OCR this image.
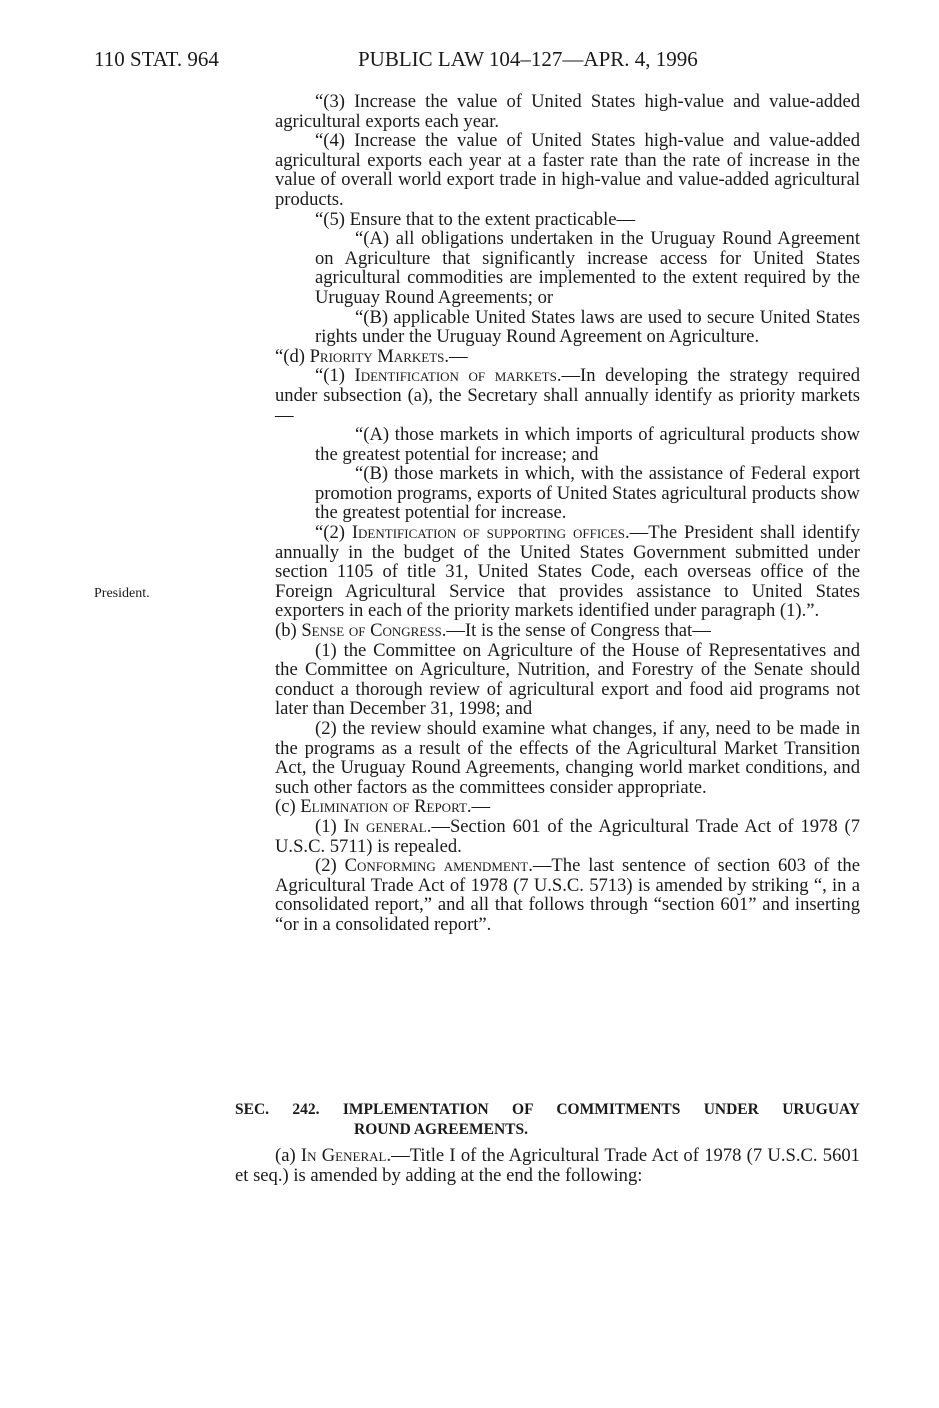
110 STAT. 964	PUBLIC LAW 104–127—APR. 4, 1996
President.

“(3) Increase the value of United States high-value and value-added agricultural exports each year.

“(4) Increase the value of United States high-value and value-added agricultural exports each year at a faster rate than the rate of increase in the value of overall world export trade in high-value and value-added agricultural products.

“(5) Ensure that to the extent practicable—

“(A) all obligations undertaken in the Uruguay Round Agreement on Agriculture that significantly increase access for United States agricultural commodities are implemented to the extent required by the Uruguay Round Agreements; or

“(B) applicable United States laws are used to secure United States rights under the Uruguay Round Agreement on Agriculture.

“(d) Priority Markets.—

“(1) Identification of markets.—In developing the strategy required under subsection (a), the Secretary shall annually identify as priority markets—

“(A) those markets in which imports of agricultural products show the greatest potential for increase; and

“(B) those markets in which, with the assistance of Federal export promotion programs, exports of United States agricultural products show the greatest potential for increase.

“(2) Identification of supporting offices.—The President shall identify annually in the budget of the United States Government submitted under section 1105 of title 31, United States Code, each overseas office of the Foreign Agricultural Service that provides assistance to United States exporters in each of the priority markets identified under paragraph (1).”.

(b) Sense of Congress.—It is the sense of Congress that—

(1) the Committee on Agriculture of the House of Representatives and the Committee on Agriculture, Nutrition, and Forestry of the Senate should conduct a thorough review of agricultural export and food aid programs not later than December 31, 1998; and

(2) the review should examine what changes, if any, need to be made in the programs as a result of the effects of the Agricultural Market Transition Act, the Uruguay Round Agreements, changing world market conditions, and such other factors as the committees consider appropriate.

(c) Elimination of Report.—

(1) In general.—Section 601 of the Agricultural Trade Act of 1978 (7 U.S.C. 5711) is repealed.

(2) Conforming amendment.—The last sentence of section 603 of the Agricultural Trade Act of 1978 (7 U.S.C. 5713) is amended by striking “, in a consolidated report,” and all that follows through “section 601” and inserting “or in a consolidated report”.

SEC. 242. IMPLEMENTATION OF COMMITMENTS UNDER URUGUAY
ROUND AGREEMENTS.

(a) In General.—Title I of the Agricultural Trade Act of 1978 (7 U.S.C. 5601 et seq.) is amended by adding at the end the following:
